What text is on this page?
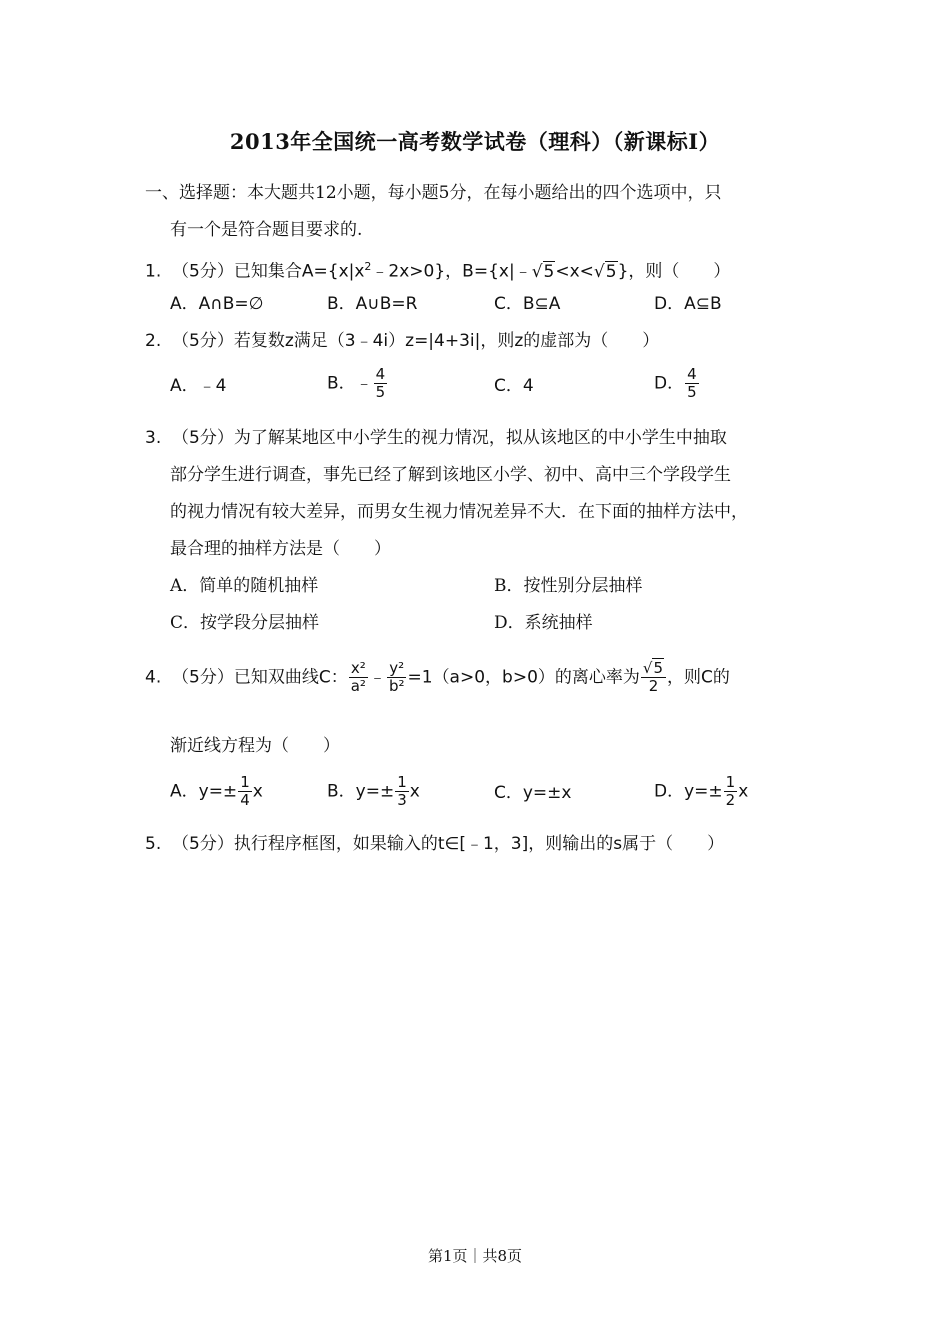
2013年全国统一高考数学试卷（理科）（新课标Ⅰ）
一、选择题：本大题共12小题，每小题5分，在每小题给出的四个选项中，只
有一个是符合题目要求的.
1. （5分）已知集合$A=\{x|x^2﹣2x>0\}$，B={x|﹣√5<x<√5}，则（　　）
A．A∩B=∅	B．A∪B=R	C．B⊆A	D．A⊆B
2. （5分）若复数z满足（3﹣4i）z=|4+3i|，则z的虚部为（　　）
A．﹣4	B．﹣ $\frac{4}{5}$	C．4	D． $\frac{4}{5}$
3. （5分）为了解某地区中小学生的视力情况，拟从该地区的中小学生中抽取
部分学生进行调查，事先已经了解到该地区小学、初中、高中三个学段学生
的视力情况有较大差异，而男女生视力情况差异不大．在下面的抽样方法中，
最合理的抽样方法是（　　）
A．简单的随机抽样	B．按性别分层抽样
C．按学段分层抽样	D．系统抽样
4. （5分）已知双曲线C： $\frac{\text{x²}}{\text{a²}}$ ﹣ $\frac{\text{y²}}{\text{b²}} =1(a>0$，b>0）的离心率为 $\frac{√5}{2}$ ，则C的
渐近线方程为（　　）
A．$y=\pm \frac{1}{4}$ x	B．$y=\pm \frac{1}{3}$ x	C．y=±x	D．$y=\pm \frac{1}{2}$ x
5. （5分）执行程序框图，如果输入的t∈[﹣1，3]，则输出的s属于（　　）
第1页｜共8页
